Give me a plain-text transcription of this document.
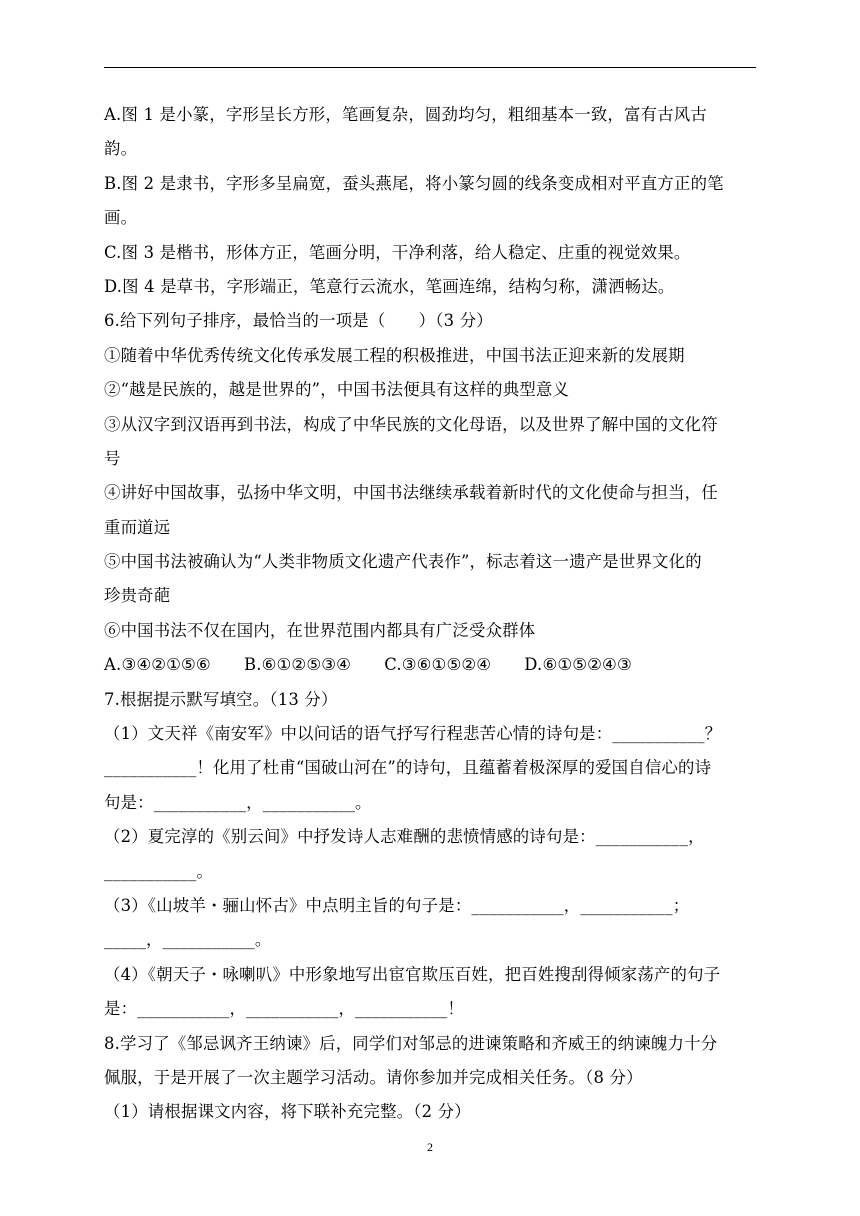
A.图 1 是小篆，字形呈长方形，笔画复杂，圆劲均匀，粗细基本一致，富有古风古
韵。
B.图 2 是隶书，字形多呈扁宽，蚕头燕尾，将小篆匀圆的线条变成相对平直方正的笔
画。
C.图 3 是楷书，形体方正，笔画分明，干净利落，给人稳定、庄重的视觉效果。
D.图 4 是草书，字形端正，笔意行云流水，笔画连绵，结构匀称，潇洒畅达。
6.给下列句子排序，最恰当的一项是（　　）（3 分）
①随着中华优秀传统文化传承发展工程的积极推进，中国书法正迎来新的发展期
②“越是民族的，越是世界的”，中国书法便具有这样的典型意义
③从汉字到汉语再到书法，构成了中华民族的文化母语，以及世界了解中国的文化符
号
④讲好中国故事，弘扬中华文明，中国书法继续承载着新时代的文化使命与担当，任
重而道远
⑤中国书法被确认为“人类非物质文化遗产代表作”，标志着这一遗产是世界文化的
珍贵奇葩
⑥中国书法不仅在国内，在世界范围内都具有广泛受众群体
A.③④②①⑤⑥　　B.⑥①②⑤③④　　C.③⑥①⑤②④　　D.⑥①⑤②④③
7.根据提示默写填空。（13 分）
（1）文天祥《南安军》中以问话的语气抒写行程悲苦心情的诗句是：___________？
___________！化用了杜甫“国破山河在”的诗句，且蕴蓄着极深厚的爱国自信心的诗
句是：___________，___________。
（2）夏完淳的《别云间》中抒发诗人志难酬的悲愤情感的诗句是：___________，
___________。
（3）《山坡羊・骊山怀古》中点明主旨的句子是：___________，___________；
_____，___________。
（4）《朝天子・咏喇叭》中形象地写出宦官欺压百姓，把百姓搜刮得倾家荡产的句子
是：___________，___________，___________！
8.学习了《邹忌讽齐王纳谏》后，同学们对邹忌的进谏策略和齐威王的纳谏魄力十分
佩服，于是开展了一次主题学习活动。请你参加并完成相关任务。（8 分）
（1）请根据课文内容，将下联补充完整。（2 分）
2
